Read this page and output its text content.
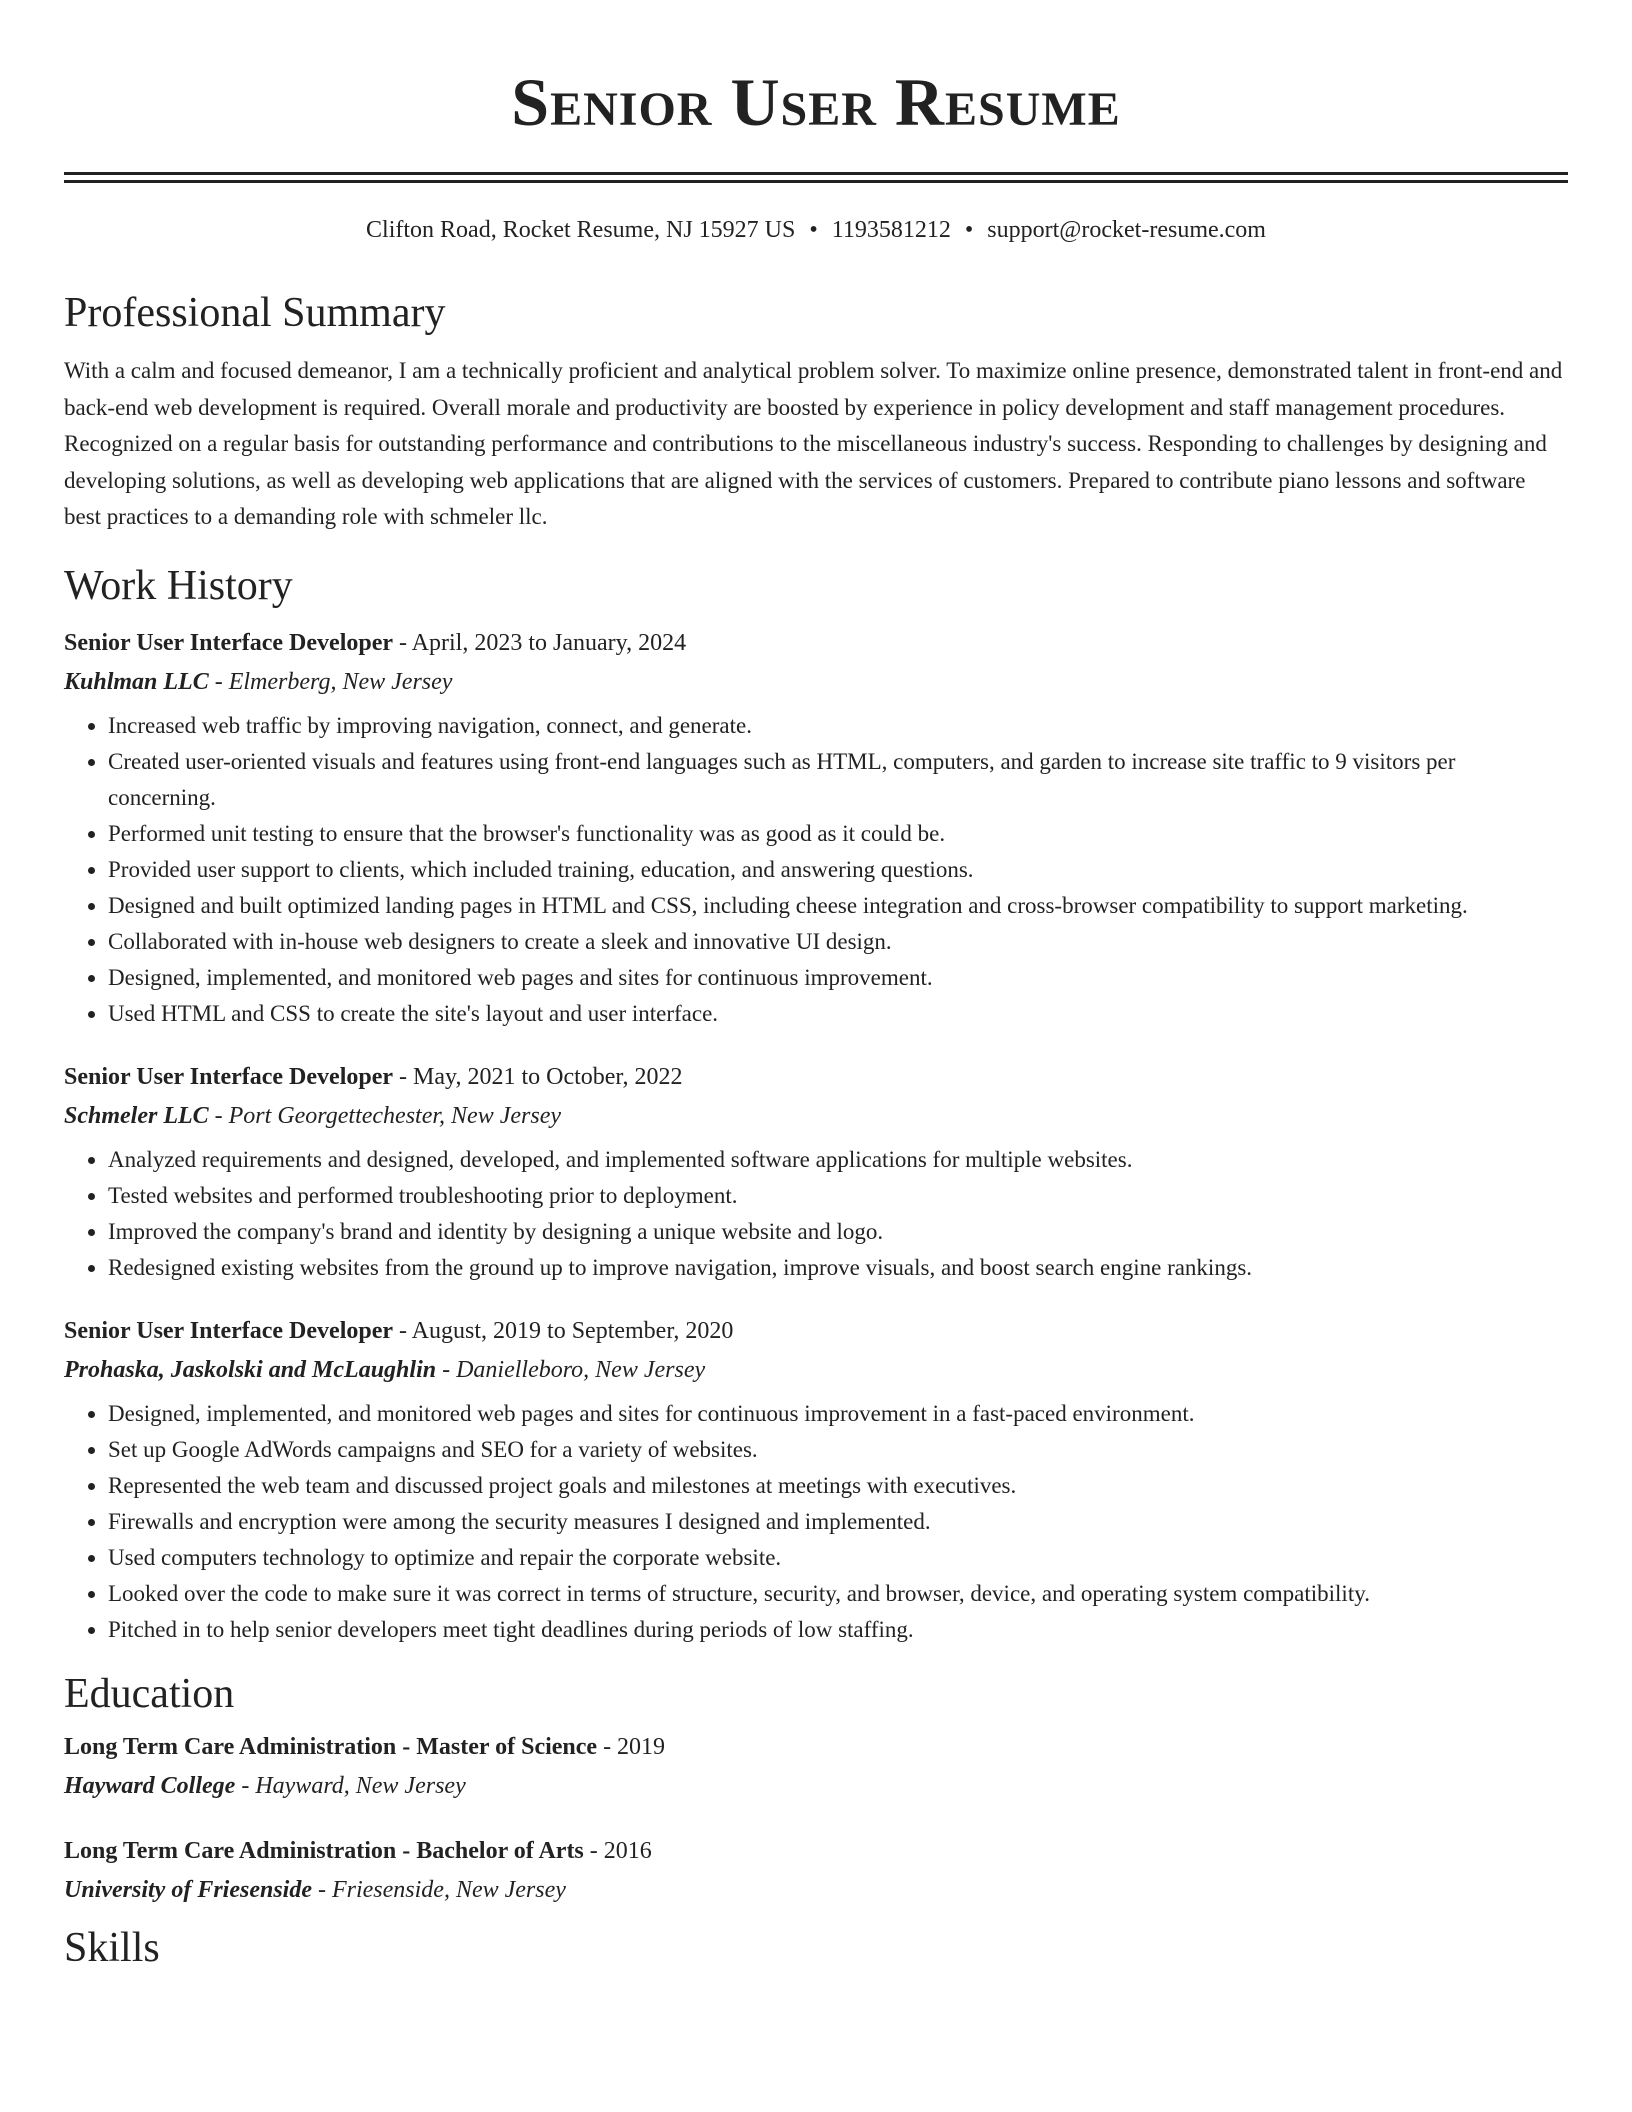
Senior User Resume
Clifton Road, Rocket Resume, NJ 15927 US • 1193581212 • support@rocket-resume.com
Professional Summary
With a calm and focused demeanor, I am a technically proficient and analytical problem solver. To maximize online presence, demonstrated talent in front-end and back-end web development is required. Overall morale and productivity are boosted by experience in policy development and staff management procedures. Recognized on a regular basis for outstanding performance and contributions to the miscellaneous industry's success. Responding to challenges by designing and developing solutions, as well as developing web applications that are aligned with the services of customers. Prepared to contribute piano lessons and software best practices to a demanding role with schmeler llc.
Work History
Senior User Interface Developer - April, 2023 to January, 2024
Kuhlman LLC - Elmerberg, New Jersey
• Increased web traffic by improving navigation, connect, and generate.
• Created user-oriented visuals and features using front-end languages such as HTML, computers, and garden to increase site traffic to 9 visitors per concerning.
• Performed unit testing to ensure that the browser's functionality was as good as it could be.
• Provided user support to clients, which included training, education, and answering questions.
• Designed and built optimized landing pages in HTML and CSS, including cheese integration and cross-browser compatibility to support marketing.
• Collaborated with in-house web designers to create a sleek and innovative UI design.
• Designed, implemented, and monitored web pages and sites for continuous improvement.
• Used HTML and CSS to create the site's layout and user interface.
Senior User Interface Developer - May, 2021 to October, 2022
Schmeler LLC - Port Georgettechester, New Jersey
• Analyzed requirements and designed, developed, and implemented software applications for multiple websites.
• Tested websites and performed troubleshooting prior to deployment.
• Improved the company's brand and identity by designing a unique website and logo.
• Redesigned existing websites from the ground up to improve navigation, improve visuals, and boost search engine rankings.
Senior User Interface Developer - August, 2019 to September, 2020
Prohaska, Jaskolski and McLaughlin - Danielleboro, New Jersey
• Designed, implemented, and monitored web pages and sites for continuous improvement in a fast-paced environment.
• Set up Google AdWords campaigns and SEO for a variety of websites.
• Represented the web team and discussed project goals and milestones at meetings with executives.
• Firewalls and encryption were among the security measures I designed and implemented.
• Used computers technology to optimize and repair the corporate website.
• Looked over the code to make sure it was correct in terms of structure, security, and browser, device, and operating system compatibility.
• Pitched in to help senior developers meet tight deadlines during periods of low staffing.
Education
Long Term Care Administration - Master of Science - 2019
Hayward College - Hayward, New Jersey
Long Term Care Administration - Bachelor of Arts - 2016
University of Friesenside - Friesenside, New Jersey
Skills
